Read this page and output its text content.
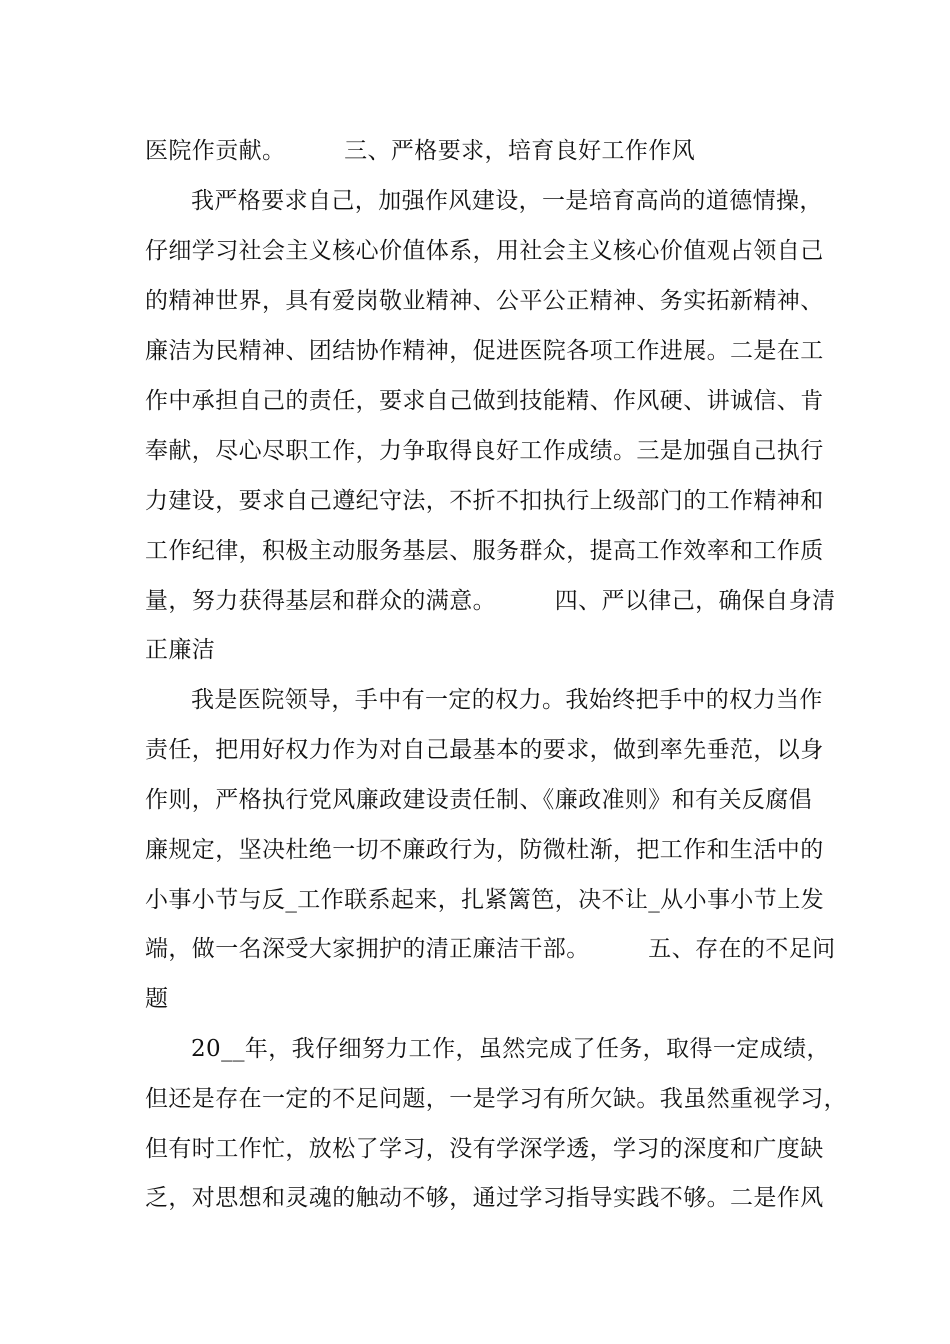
医院作贡献。　　　三、严格要求，培育良好工作作风
我严格要求自己，加强作风建设，一是培育高尚的道德情操，
仔细学习社会主义核心价值体系，用社会主义核心价值观占领自己
的精神世界，具有爱岗敬业精神、公平公正精神、务实拓新精神、
廉洁为民精神、团结协作精神，促进医院各项工作进展。二是在工
作中承担自己的责任，要求自己做到技能精、作风硬、讲诚信、肯
奉献，尽心尽职工作，力争取得良好工作成绩。三是加强自己执行
力建设，要求自己遵纪守法，不折不扣执行上级部门的工作精神和
工作纪律，积极主动服务基层、服务群众，提高工作效率和工作质
量，努力获得基层和群众的满意。　　　四、严以律己，确保自身清
正廉洁
我是医院领导，手中有一定的权力。我始终把手中的权力当作
责任，把用好权力作为对自己最基本的要求，做到率先垂范，以身
作则，严格执行党风廉政建设责任制、《廉政准则》和有关反腐倡
廉规定，坚决杜绝一切不廉政行为，防微杜渐，把工作和生活中的
小事小节与反_工作联系起来，扎紧篱笆，决不让_从小事小节上发
端，做一名深受大家拥护的清正廉洁干部。　　　五、存在的不足问
题
20__年，我仔细努力工作，虽然完成了任务，取得一定成绩，
但还是存在一定的不足问题，一是学习有所欠缺。我虽然重视学习，
但有时工作忙，放松了学习，没有学深学透，学习的深度和广度缺
乏，对思想和灵魂的触动不够，通过学习指导实践不够。二是作风
